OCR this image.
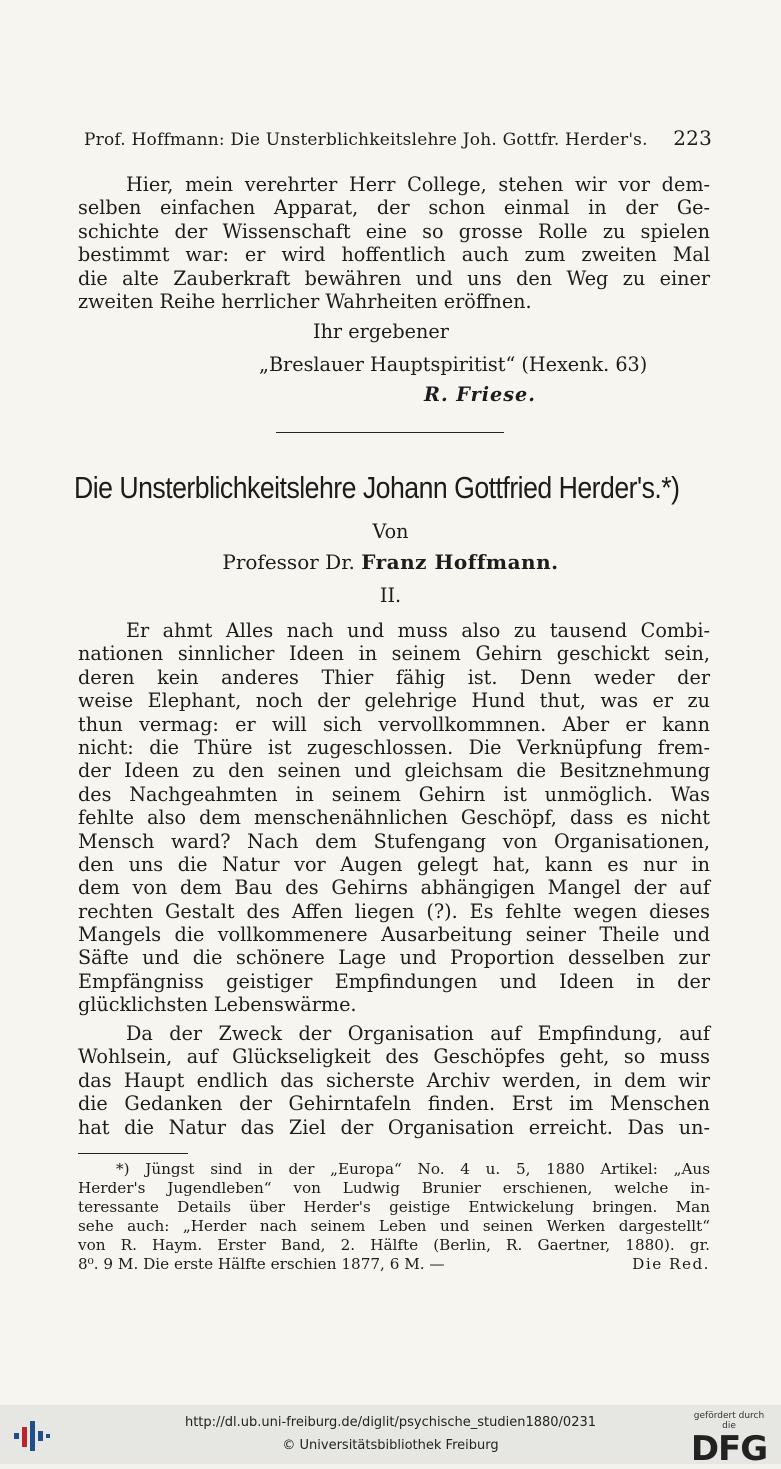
Prof. Hoffmann: Die Unsterblichkeitslehre Joh. Gottfr. Herder's. 223
Hier, mein verehrter Herr College, stehen wir vor dem-
selben einfachen Apparat, der schon einmal in der Ge-
schichte der Wissenschaft eine so grosse Rolle zu spielen
bestimmt war: er wird hoffentlich auch zum zweiten Mal
die alte Zauberkraft bewähren und uns den Weg zu einer
zweiten Reihe herrlicher Wahrheiten eröffnen.
Ihr ergebener
„Breslauer Hauptspiritist“ (Hexenk. 63)
R. Friese.
Die Unsterblichkeitslehre Johann Gottfried Herder's.*)
Von
Professor Dr. Franz Hoffmann.
II.
Er ahmt Alles nach und muss also zu tausend Combi-
nationen sinnlicher Ideen in seinem Gehirn geschickt sein,
deren kein anderes Thier fähig ist. Denn weder der
weise Elephant, noch der gelehrige Hund thut, was er zu
thun vermag: er will sich vervollkommnen. Aber er kann
nicht: die Thüre ist zugeschlossen. Die Verknüpfung frem-
der Ideen zu den seinen und gleichsam die Besitznehmung
des Nachgeahmten in seinem Gehirn ist unmöglich. Was
fehlte also dem menschenähnlichen Geschöpf, dass es nicht
Mensch ward? Nach dem Stufengang von Organisationen,
den uns die Natur vor Augen gelegt hat, kann es nur in
dem von dem Bau des Gehirns abhängigen Mangel der auf
rechten Gestalt des Affen liegen (?). Es fehlte wegen dieses
Mangels die vollkommenere Ausarbeitung seiner Theile und
Säfte und die schönere Lage und Proportion desselben zur
Empfängniss geistiger Empfindungen und Ideen in der
glücklichsten Lebenswärme.
Da der Zweck der Organisation auf Empfindung, auf
Wohlsein, auf Glückseligkeit des Geschöpfes geht, so muss
das Haupt endlich das sicherste Archiv werden, in dem wir
die Gedanken der Gehirntafeln finden. Erst im Menschen
hat die Natur das Ziel der Organisation erreicht. Das un-
*) Jüngst sind in der „Europa“ No. 4 u. 5, 1880 Artikel: „Aus
Herder's Jugendleben“ von Ludwig Brunier erschienen, welche in-
teressante Details über Herder's geistige Entwickelung bringen. Man
sehe auch: „Herder nach seinem Leben und seinen Werken dargestellt“
von R. Haym. Erster Band, 2. Hälfte (Berlin, R. Gaertner, 1880). gr.
8⁰. 9 M. Die erste Hälfte erschien 1877, 6 M. —	Die Red.
http://dl.ub.uni-freiburg.de/diglit/psychische_studien1880/0231
© Universitätsbibliothek Freiburg
gefördert durch die
DFG
